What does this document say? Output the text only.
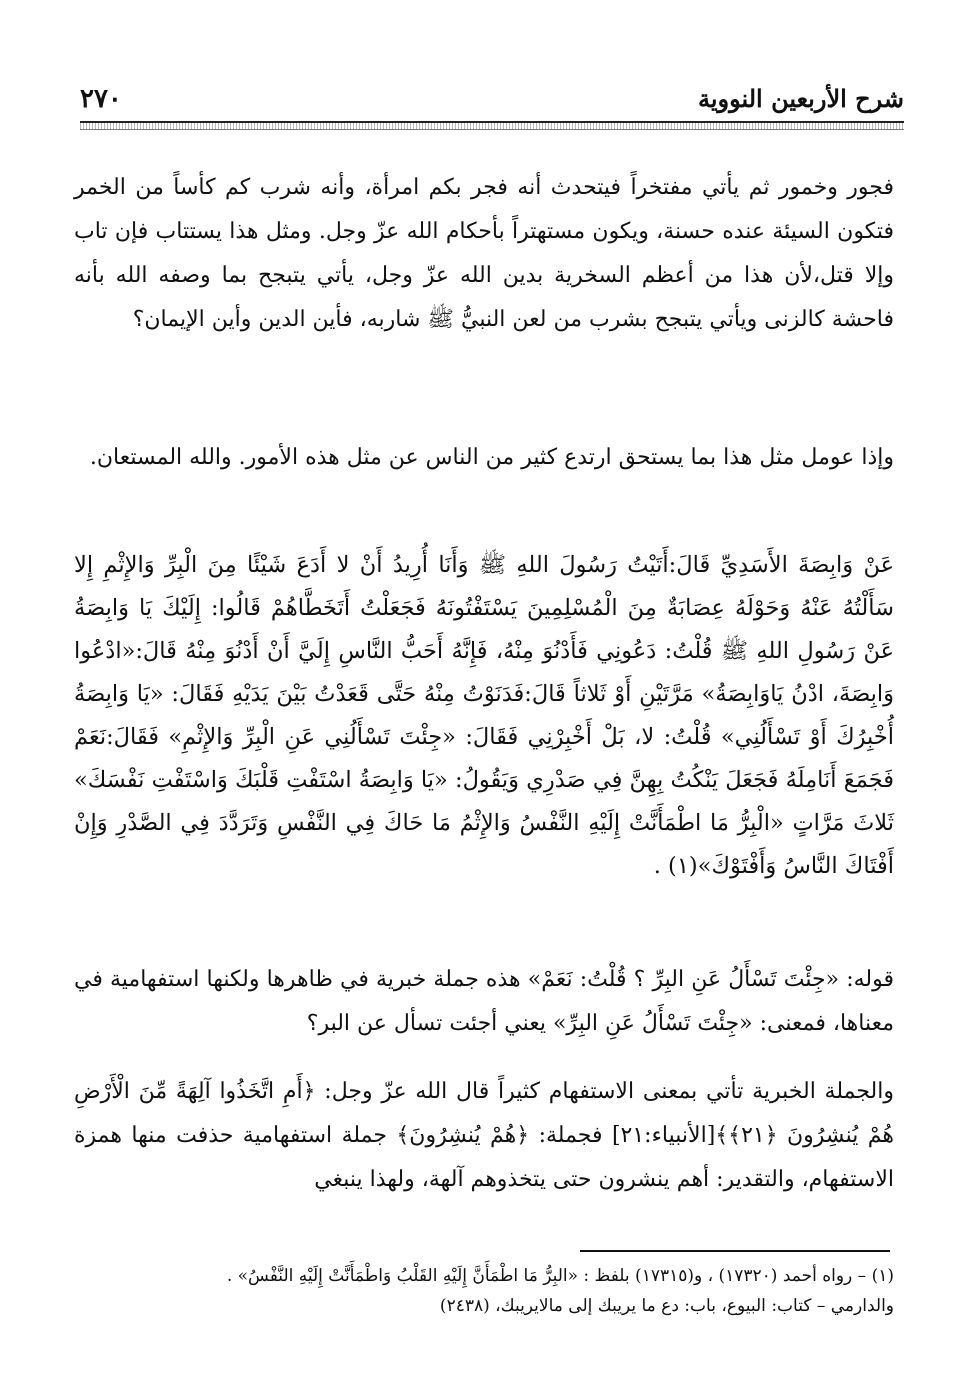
شرح الأربعين النووية
٢٧٠

فجور وخمور ثم يأتي مفتخراً فيتحدث أنه فجر بكم امرأة، وأنه شرب كم كأساً من الخمر فتكون السيئة عنده حسنة، ويكون مستهتراً بأحكام الله عزّ وجل. ومثل هذا يستتاب فإن تاب وإلا قتل،لأن هذا من أعظم السخرية بدين الله عزّ وجل، يأتي يتبجح بما وصفه الله بأنه فاحشة كالزنى ويأتي يتبجح بشرب من لعن النبيُّ ﷺ شاربه، فأين الدين وأين الإيمان؟

وإذا عومل مثل هذا بما يستحق ارتدع كثير من الناس عن مثل هذه الأمور. والله المستعان.

عَنْ وَابِصَةَ الأَسَدِيِّ قَالَ:أَتَيْتُ رَسُولَ اللهِ ﷺ وَأَنَا أُرِيدُ أَنْ لا أَدَعَ شَيْئًا مِنَ الْبِرِّ وَالإِثْمِ إِلا سَأَلْتُهُ عَنْهُ وَحَوْلَهُ عِصَابَةٌ مِنَ الْمُسْلِمِينَ يَسْتَفْتُونَهُ فَجَعَلْتُ أَتَخَطَّاهُمْ قَالُوا: إِلَيْكَ يَا وَابِصَةُ عَنْ رَسُولِ اللهِ ﷺ قُلْتُ: دَعُونِي فَأَدْنُوَ مِنْهُ، فَإِنَّهُ أَحَبُّ النَّاسِ إِلَيَّ أَنْ أَدْنُوَ مِنْهُ قَالَ:«ادْعُوا وَابِصَةَ، ادْنُ يَاوَابِصَةُ» مَرَّتَيْنِ أَوْ ثَلاثاً قَالَ:فَدَنَوْتُ مِنْهُ حَتَّى قَعَدْتُ بَيْنَ يَدَيْهِ فَقَالَ: «يَا وَابِصَةُ أُخْبِرُكَ أَوْ تَسْأَلُنِي» قُلْتُ: لا، بَلْ أَخْبِرْنِي فَقَالَ: «جِئْتَ تَسْأَلُنِي عَنِ الْبِرِّ وَالإِثْمِ» فَقَالَ:نَعَمْ فَجَمَعَ أَنَامِلَهُ فَجَعَلَ يَنْكُتُ بِهِنَّ فِي صَدْرِي وَيَقُولُ: «يَا وَابِصَةُ اسْتَفْتِ قَلْبَكَ وَاسْتَفْتِ نَفْسَكَ» ثَلاثَ مَرَّاتٍ «الْبِرُّ مَا اطْمَأَنَّتْ إِلَيْهِ النَّفْسُ وَالإِثْمُ مَا حَاكَ فِي النَّفْسِ وَتَرَدَّدَ فِي الصَّدْرِ وَإِنْ أَفْتَاكَ النَّاسُ وَأَفْتَوْكَ»(١) .

قوله: «جِئْتَ تَسْأَلُ عَنِ البِرِّ ؟ قُلْتُ: نَعَمْ» هذه جملة خبرية في ظاهرها ولكنها استفهامية في معناها، فمعنى: «جِئْتَ تَسْأَلُ عَنِ البِرِّ» يعني أجئت تسأل عن البر؟

والجملة الخبرية تأتي بمعنى الاستفهام كثيراً قال الله عزّ وجل: ﴿أَمِ اتَّخَذُوا آلِهَةً مِّنَ الْأَرْضِ هُمْ يُنشِرُونَ ﴿٢١﴾﴾[الأنبياء:٢١] فجملة: ﴿هُمْ يُنشِرُونَ﴾ جملة استفهامية حذفت منها همزة الاستفهام، والتقدير: أهم ينشرون حتى يتخذوهم آلهة، ولهذا ينبغي

(١) – رواه أحمد (١٧٣٢٠) ، و(١٧٣١٥) بلفظ : «البِرُّ مَا اطْمَأَنَّ إِلَيْهِ القَلْبُ وَاطْمَأَنَّتْ إِلَيْهِ النَّفْسُ» .

والدارمي – كتاب: البيوع، باب: دع ما يريبك إلى مالايريبك، (٢٤٣٨)
